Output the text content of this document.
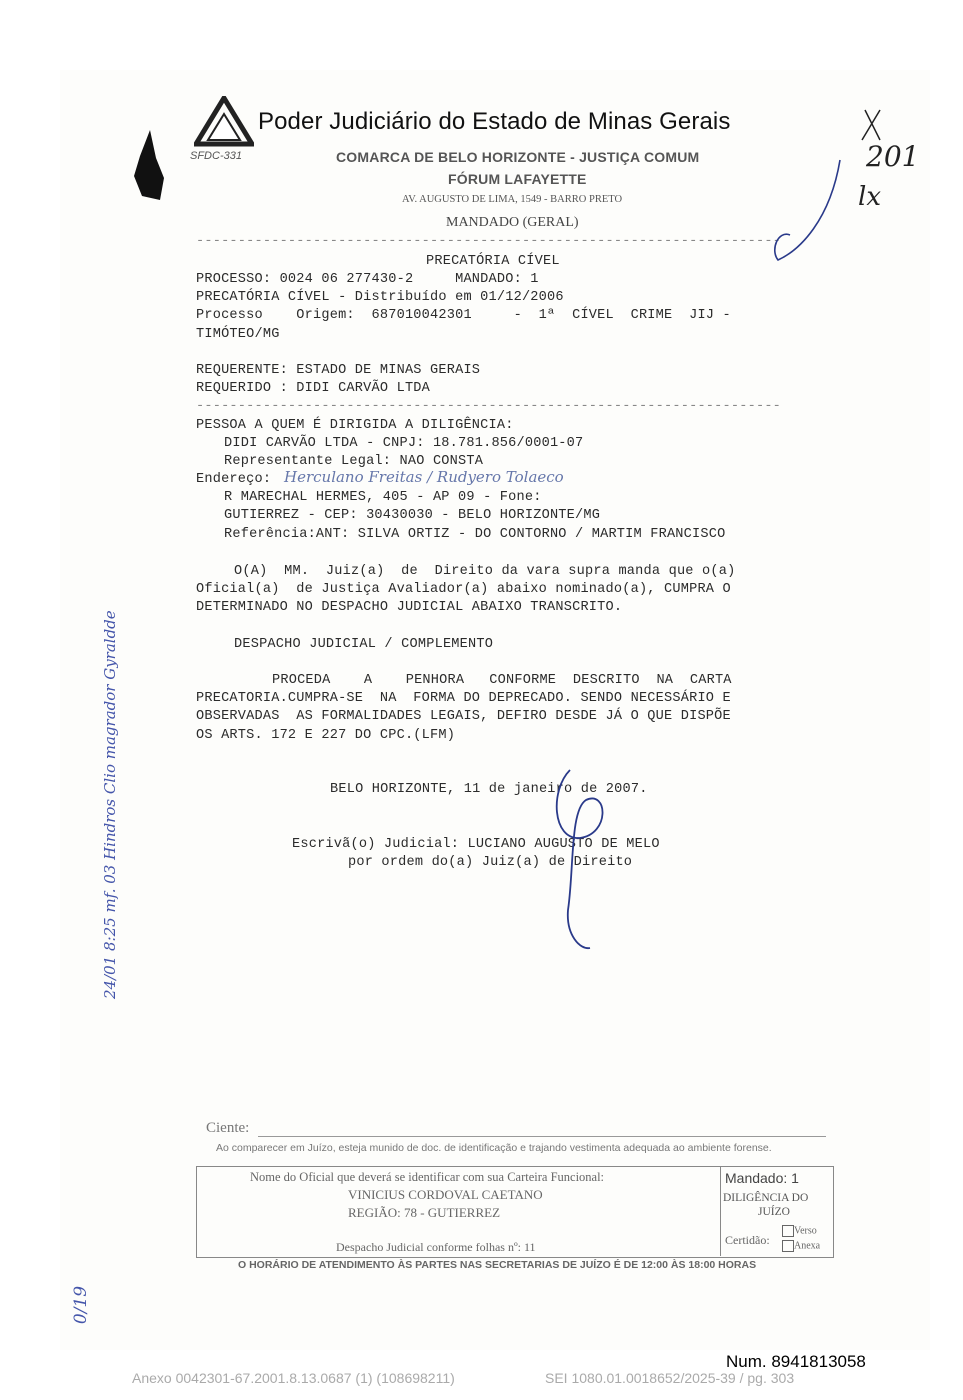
SFDC-331
Poder Judiciário do Estado de Minas Gerais
COMARCA DE BELO HORIZONTE - JUSTIÇA COMUM
FÓRUM LAFAYETTE
AV. AUGUSTO DE LIMA, 1549 - BARRO PRETO
MANDADO (GERAL)
----------------------------------------------------------------------
PRECATÓRIA CÍVEL
PROCESSO: 0024 06 277430-2     MANDADO: 1
PRECATÓRIA CÍVEL - Distribuído em 01/12/2006
Processo    Origem:  687010042301     -  1ª  CÍVEL  CRIME  JIJ -
TIMÓTEO/MG
REQUERENTE: ESTADO DE MINAS GERAIS
REQUERIDO : DIDI CARVÃO LTDA
----------------------------------------------------------------------
PESSOA A QUEM É DIRIGIDA A DILIGÊNCIA:
DIDI CARVÃO LTDA - CNPJ: 18.781.856/0001-07
Representante Legal: NAO CONSTA
Endereço: Herculano Freitas / Rudyero Tolaeco
R MARECHAL HERMES, 405 - AP 09 - Fone:
GUTIERREZ - CEP: 30430030 - BELO HORIZONTE/MG
Referência:ANT: SILVA ORTIZ - DO CONTORNO / MARTIM FRANCISCO
O(A)  MM.  Juiz(a)  de  Direito da vara supra manda que o(a)
Oficial(a)  de Justiça Avaliador(a) abaixo nominado(a), CUMPRA O
DETERMINADO NO DESPACHO JUDICIAL ABAIXO TRANSCRITO.
DESPACHO JUDICIAL / COMPLEMENTO
PROCEDA    A    PENHORA   CONFORME  DESCRITO  NA  CARTA
PRECATORIA.CUMPRA-SE  NA  FORMA DO DEPRECADO. SENDO NECESSÁRIO E
OBSERVADAS  AS FORMALIDADES LEGAIS, DEFIRO DESDE JÁ O QUE DISPÕE
OS ARTS. 172 E 227 DO CPC.(LFM)
BELO HORIZONTE, 11 de janeiro de 2007.
Escrivã(o) Judicial: LUCIANO AUGUSTO DE MELO
por ordem do(a) Juiz(a) de Direito
201
lx
24/01 8:25 mf. 03 Hindros Clio magrador Gyraldde
0/19
Ciente:
Ao comparecer em Juízo, esteja munido de doc. de identificação e trajando vestimenta adequada ao ambiente forense.
Nome do Oficial que deverá se identificar com sua Carteira Funcional:
VINICIUS CORDOVAL CAETANO
REGIÃO: 78 - GUTIERREZ
Despacho Judicial conforme folhas nº: 11
Mandado: 1
DILIGÊNCIA DO
JUÍZO
Certidão:
Verso
Anexa
O HORÁRIO DE ATENDIMENTO ÀS PARTES NAS SECRETARIAS DE JUÍZO É DE 12:00 ÀS 18:00 HORAS
Num. 8941813058
Anexo 0042301-67.2001.8.13.0687 (1) (108698211)	SEI 1080.01.0018652/2025-39 / pg. 303
